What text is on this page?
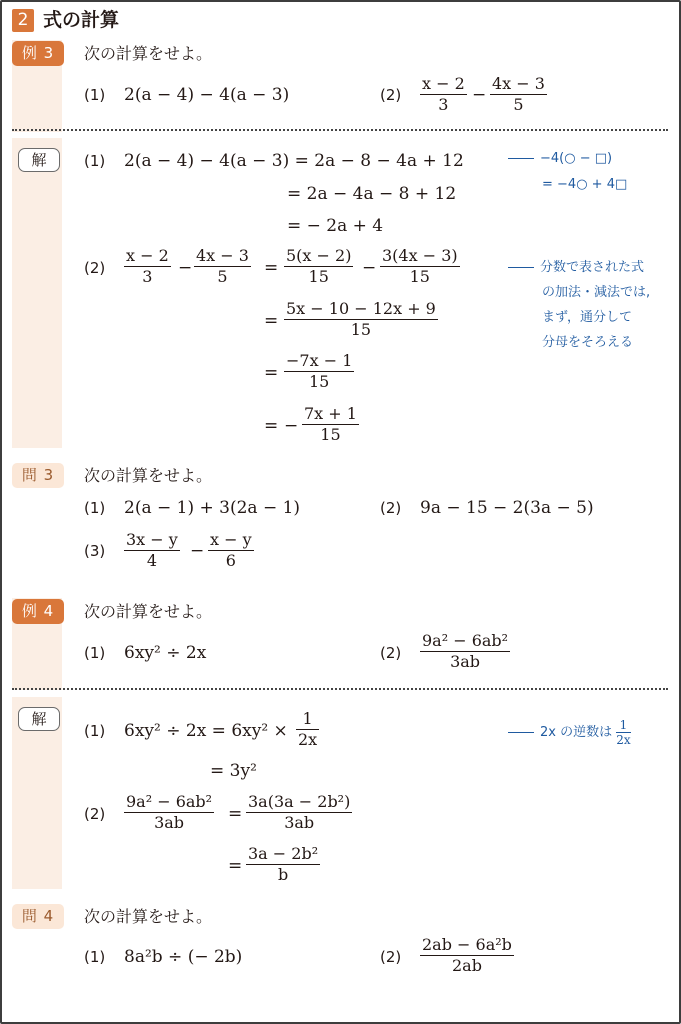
2 式の計算
例 3	次の計算をせよ。
(1) 2(a − 4) − 4(a − 3)	$(2) \frac{x - 2}{3} - \frac{4x - 3}{5}$
解	(1) 2(a − 4) − 4(a − 3) = 2a − 8 − 4a + 12
= 2a − 4a − 8 + 12
= − 2a + 4
−4(○ − □)
= −4○ + 4□
$(2) \frac{x - 2}{3} - \frac{4x - 3}{5} = \frac{5(x - 2)}{15} - \frac{3(4x - 3)}{15}$
= $\frac{5x - 10 - 12x + 9}{15}$
= $\frac{-7x - 1}{15}$
= − $\frac{7x + 1}{15}$
分数で表された式
の加法・減法では,
まず，通分して
分母をそろえる
問 3	次の計算をせよ。
(1) 2(a − 1) + 3(2a − 1)	(2) 9a − 15 − 2(3a − 5)
$(3) \frac{3x - y}{4} - \frac{x - y}{6}$
例 4	次の計算をせよ。
(1) 6xy² ÷ 2x	$(2) \frac{\text{9a² − 6ab²}}{3ab}$
解
(1) $6xy^2 \div 2x = 6xy^2 \times \frac{1}{2x}$
= 3y²
2x の逆数は $\frac{1}{2x}$
$(2) \frac{\text{9a² − 6ab²}}{3ab} = \frac{\text{3a(3a − 2b²)}}{3ab}$
= $\frac{\text{3a − 2b²}}{b}$
問 4	次の計算をせよ。
(1) 8a²b ÷ (− 2b)	$(2) \frac{\text{2ab − 6a²b}}{2ab}$
